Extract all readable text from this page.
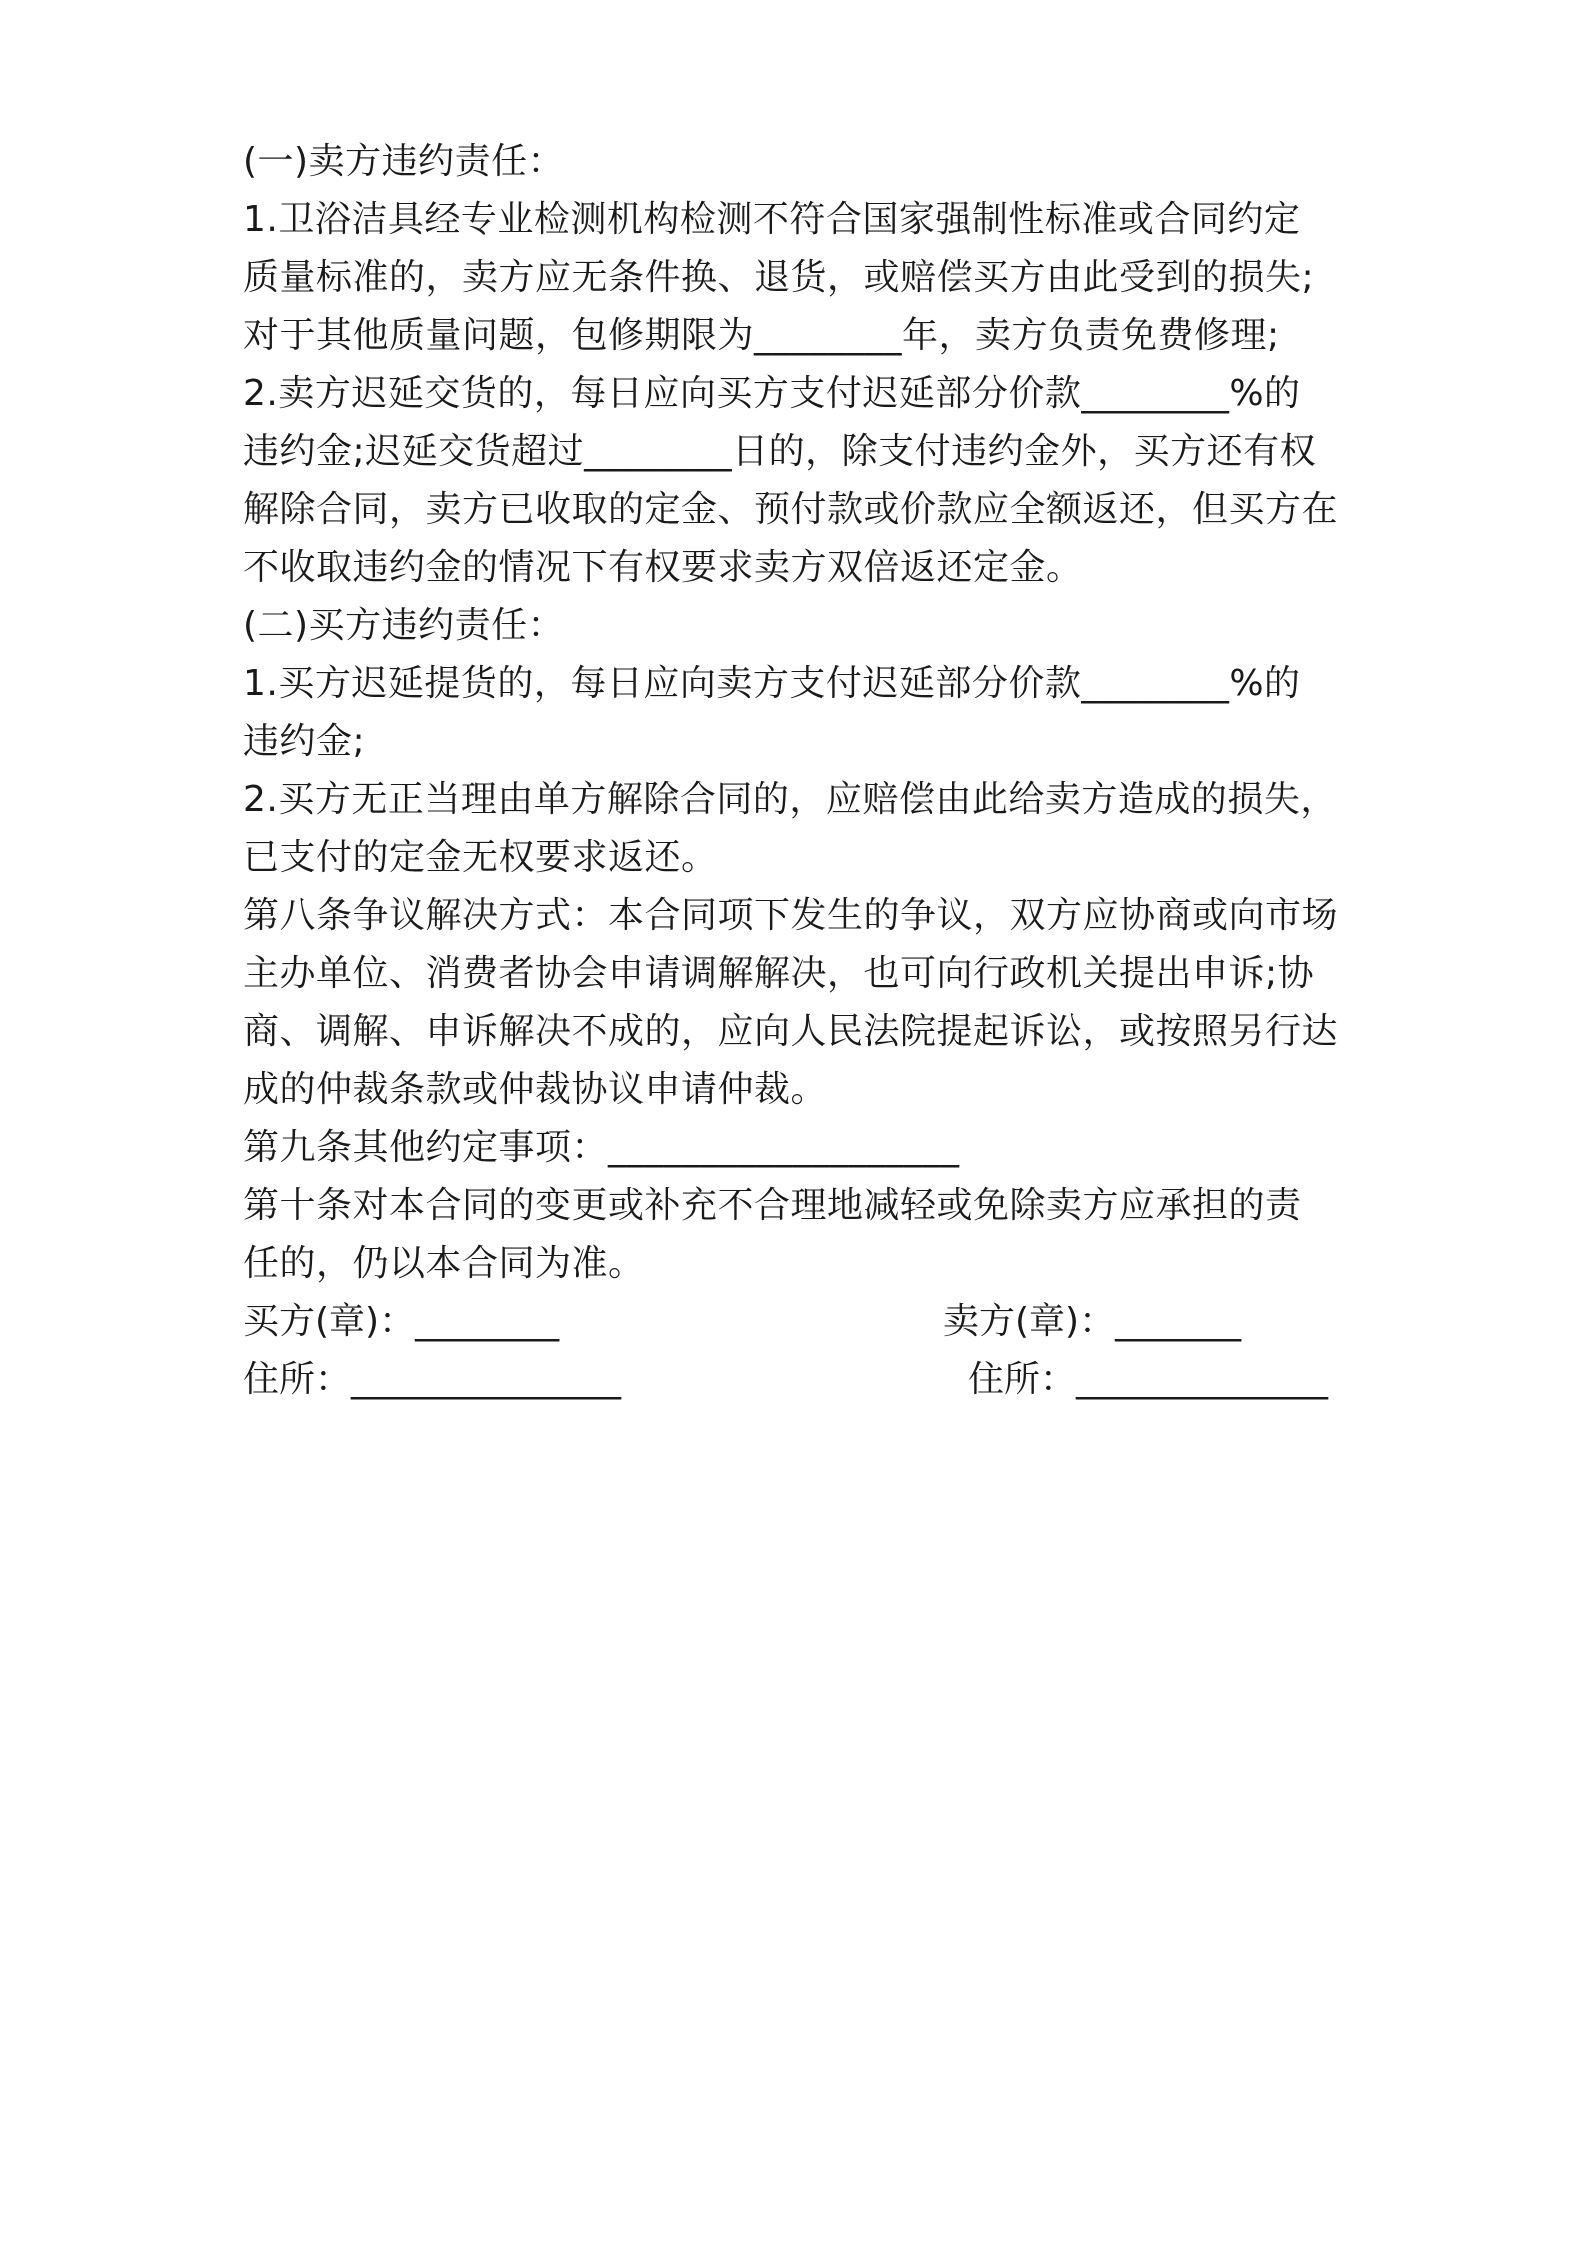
(一)卖方违约责任：
1.卫浴洁具经专业检测机构检测不符合国家强制性标准或合同约定
质量标准的，卖方应无条件换、退货，或赔偿买方由此受到的损失;
对于其他质量问题，包修期限为________年，卖方负责免费修理;
2.卖方迟延交货的，每日应向买方支付迟延部分价款________%的
违约金;迟延交货超过________日的，除支付违约金外，买方还有权
解除合同，卖方已收取的定金、预付款或价款应全额返还，但买方在
不收取违约金的情况下有权要求卖方双倍返还定金。
(二)买方违约责任：
1.买方迟延提货的，每日应向卖方支付迟延部分价款________%的
违约金;
2.买方无正当理由单方解除合同的，应赔偿由此给卖方造成的损失，
已支付的定金无权要求返还。
第八条争议解决方式：本合同项下发生的争议，双方应协商或向市场
主办单位、消费者协会申请调解解决，也可向行政机关提出申诉;协
商、调解、申诉解决不成的，应向人民法院提起诉讼，或按照另行达
成的仲裁条款或仲裁协议申请仲裁。
第九条其他约定事项：___________________
第十条对本合同的变更或补充不合理地减轻或免除卖方应承担的责
任的，仍以本合同为准。
买方(章)：________	卖方(章)：_______
住所：_______________	住所：______________
